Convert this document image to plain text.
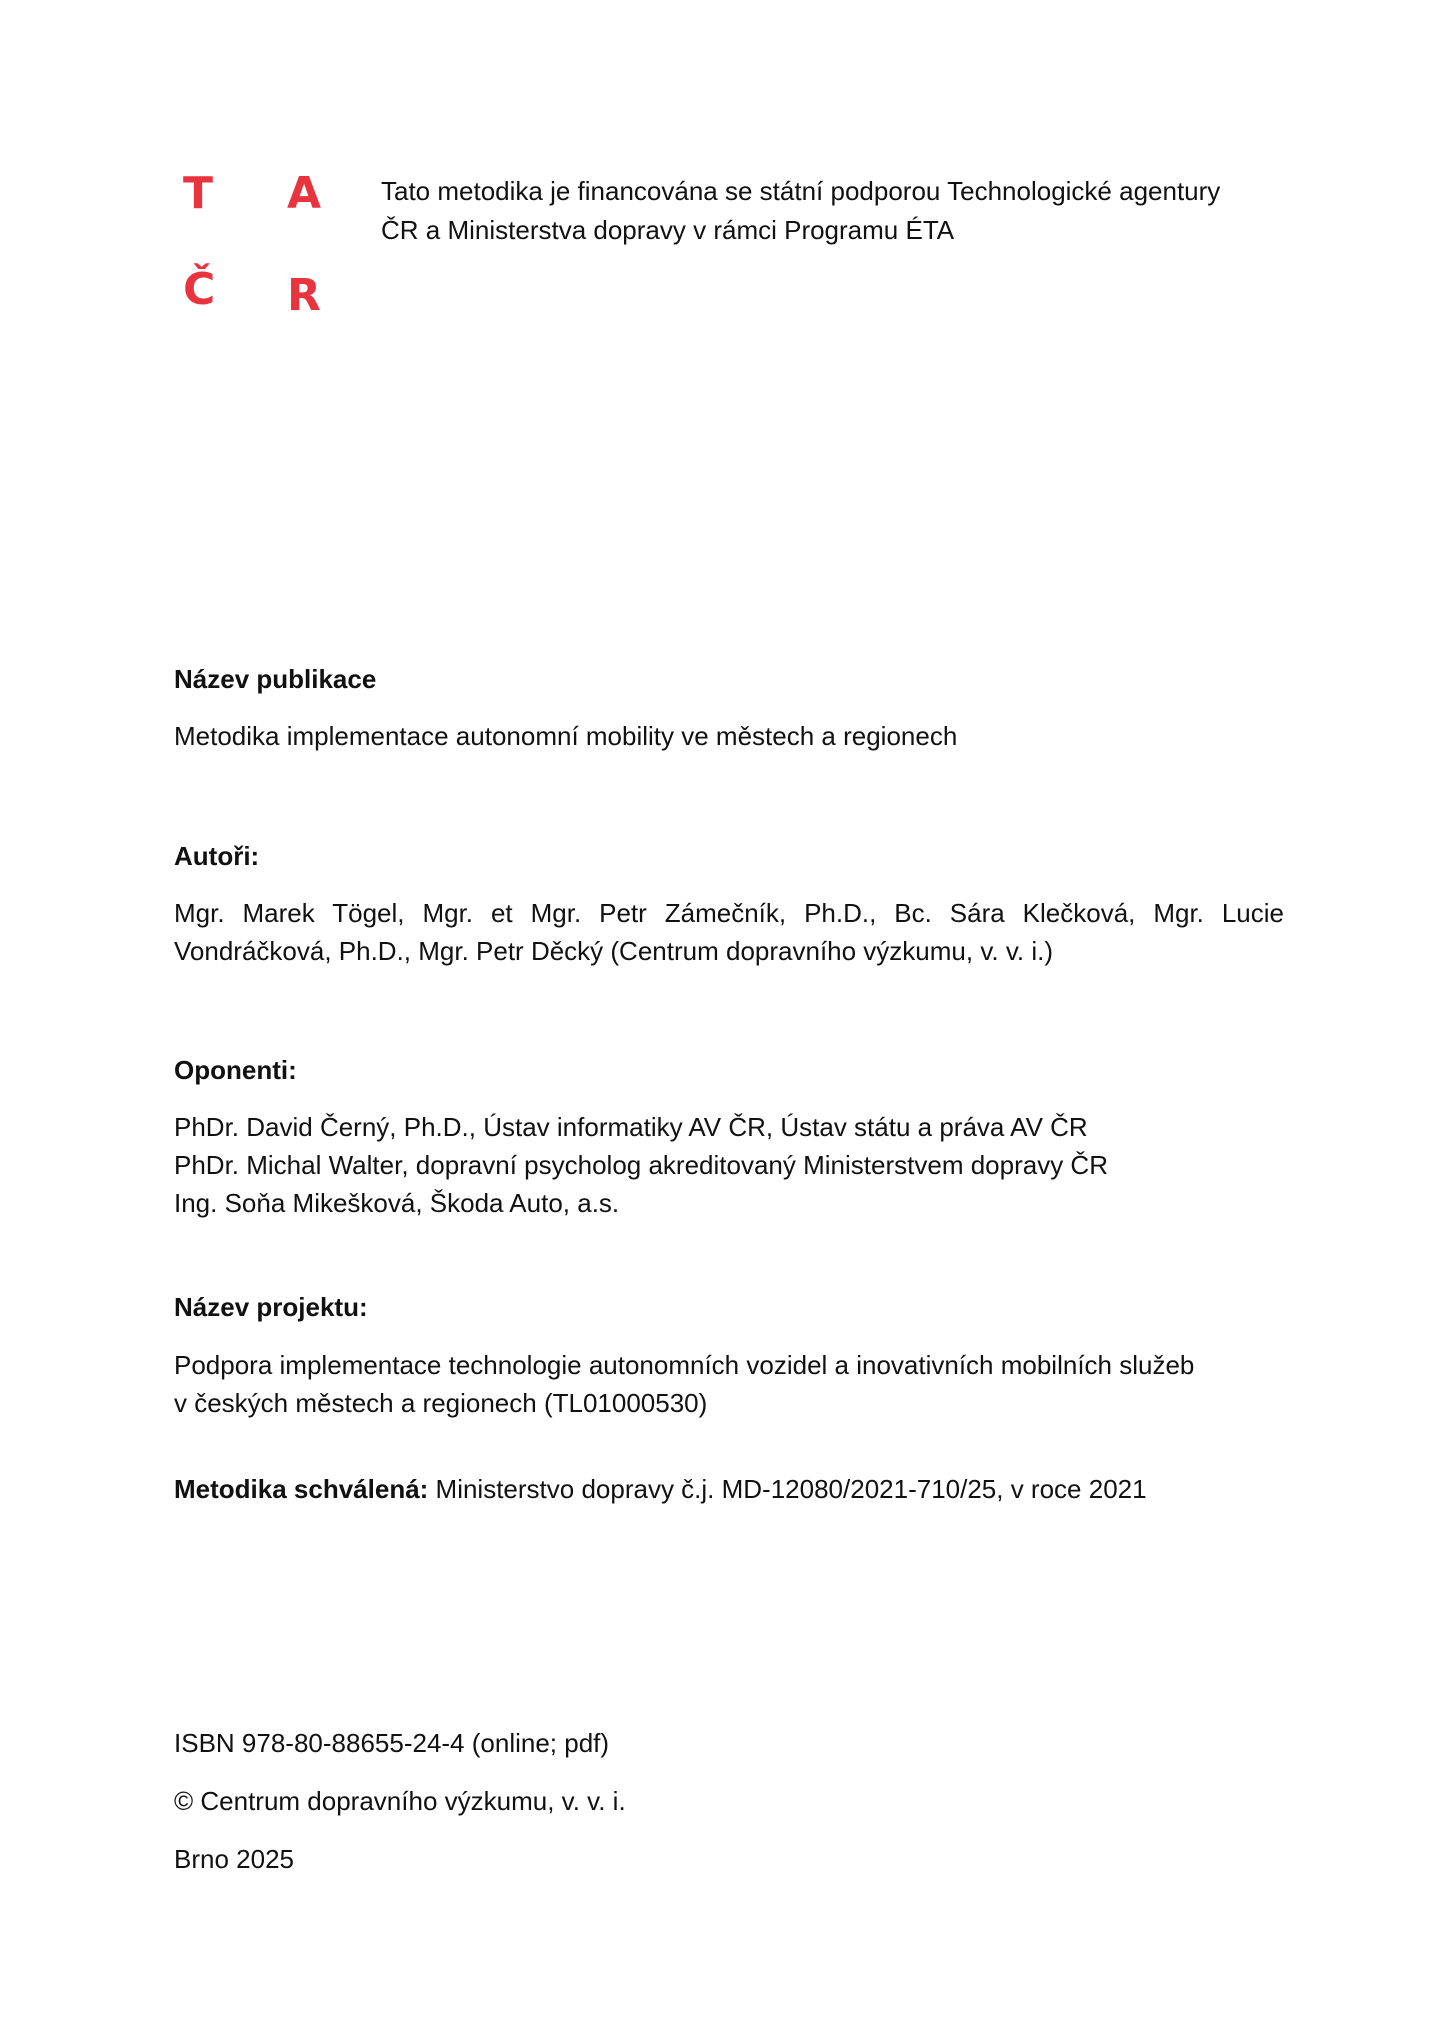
T A
Č R

Tato metodika je financována se státní podporou Technologické agentury

ČR a Ministerstva dopravy v rámci Programu ÉTA

Název publikace

Metodika implementace autonomní mobility ve městech a regionech

Autoři:

Mgr. Marek Tögel, Mgr. et Mgr. Petr Zámečník, Ph.D., Bc. Sára Klečková, Mgr. Lucie Vondráčková, Ph.D., Mgr. Petr Děcký (Centrum dopravního výzkumu, v. v. i.)

Oponenti:

PhDr. David Černý, Ph.D., Ústav informatiky AV ČR, Ústav státu a práva AV ČR

PhDr. Michal Walter, dopravní psycholog akreditovaný Ministerstvem dopravy ČR

Ing. Soňa Mikešková, Škoda Auto, a.s.

Název projektu:

Podpora implementace technologie autonomních vozidel a inovativních mobilních služeb

v českých městech a regionech (TL01000530)

Metodika schválená: Ministerstvo dopravy č.j. MD-12080/2021-710/25, v roce 2021

ISBN 978-80-88655-24-4 (online; pdf)

© Centrum dopravního výzkumu, v. v. i.

Brno 2025
